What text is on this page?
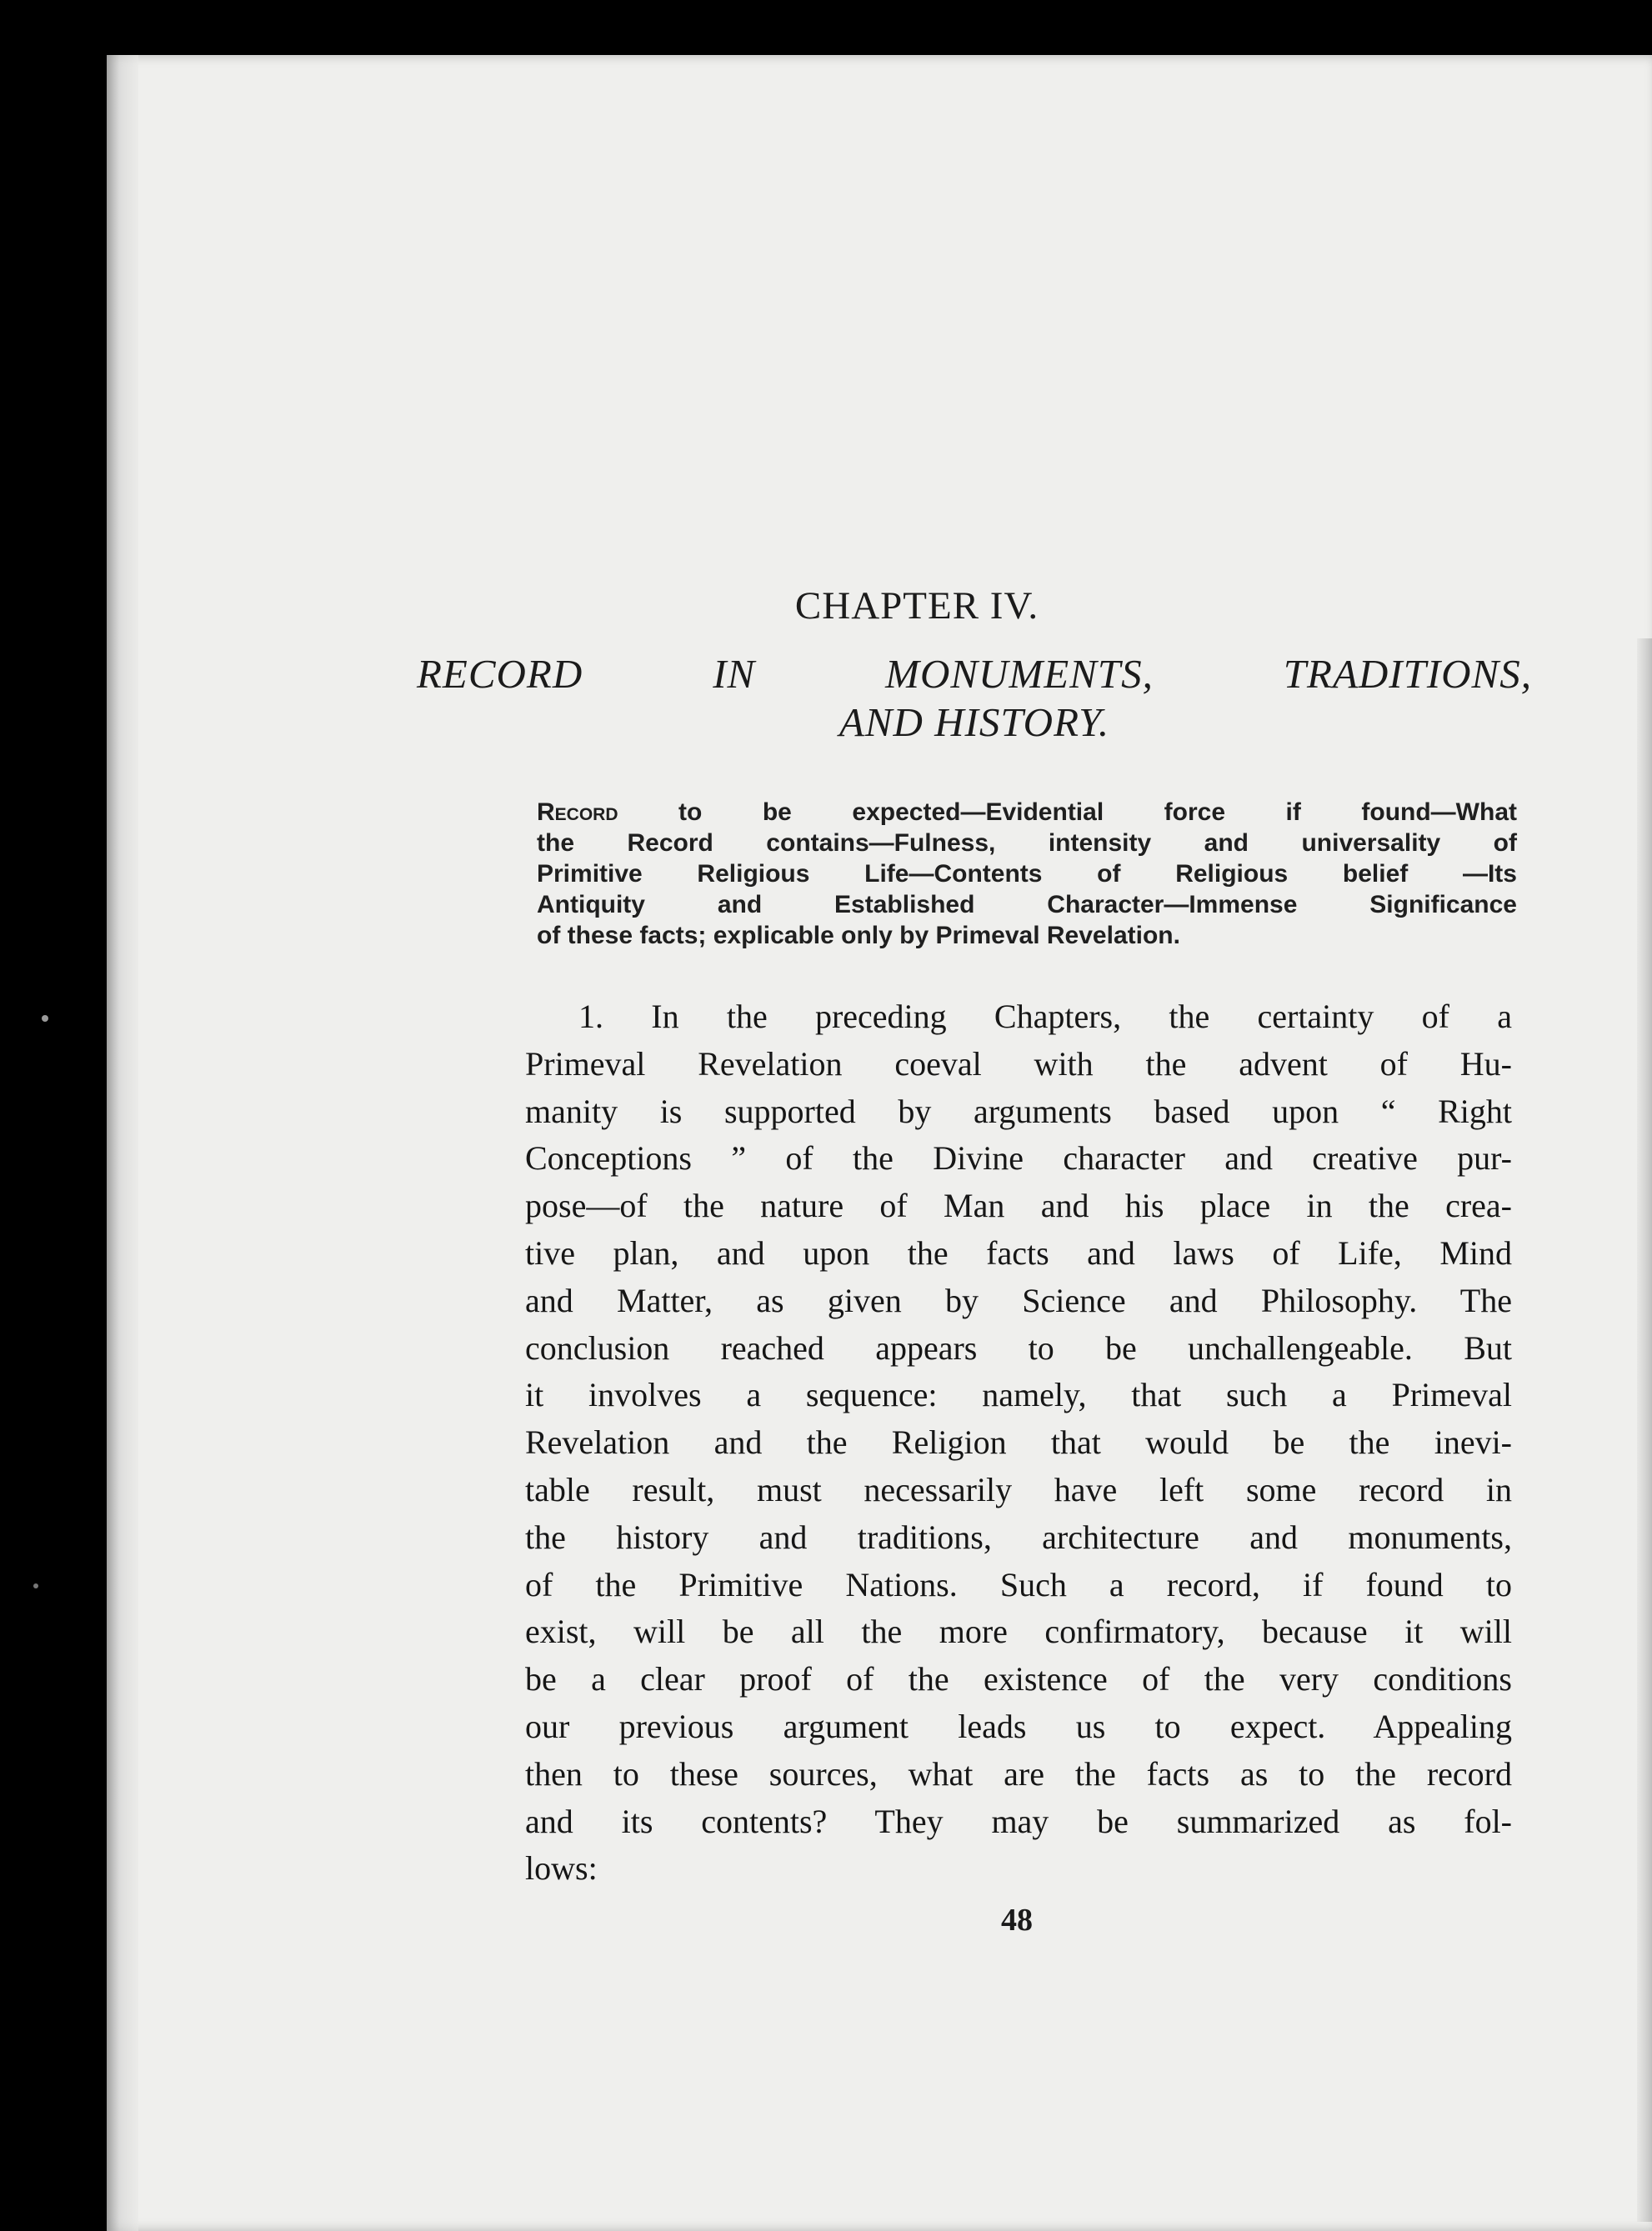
CHAPTER IV.
RECORD	IN	MONUMENTS,	TRADITIONS,
AND HISTORY.
Record to be expected—Evidential force if found—What
the Record contains—Fulness, intensity and universality of
Primitive Religious Life—Contents of Religious belief —Its
Antiquity and Established Character—Immense Significance
of these facts; explicable only by Primeval Revelation.
1. In the preceding Chapters, the certainty of a
Primeval Revelation coeval with the advent of Hu-
manity is supported by arguments based upon “ Right
Conceptions ” of the Divine character and creative pur-
pose—of the nature of Man and his place in the crea-
tive plan, and upon the facts and laws of Life, Mind
and Matter, as given by Science and Philosophy. The
conclusion reached appears to be unchallengeable. But
it involves a sequence: namely, that such a Primeval
Revelation and the Religion that would be the inevi-
table result, must necessarily have left some record in
the history and traditions, architecture and monuments,
of the Primitive Nations. Such a record, if found to
exist, will be all the more confirmatory, because it will
be a clear proof of the existence of the very conditions
our previous argument leads us to expect. Appealing
then to these sources, what are the facts as to the record
and its contents? They may be summarized as fol-
lows:
48
